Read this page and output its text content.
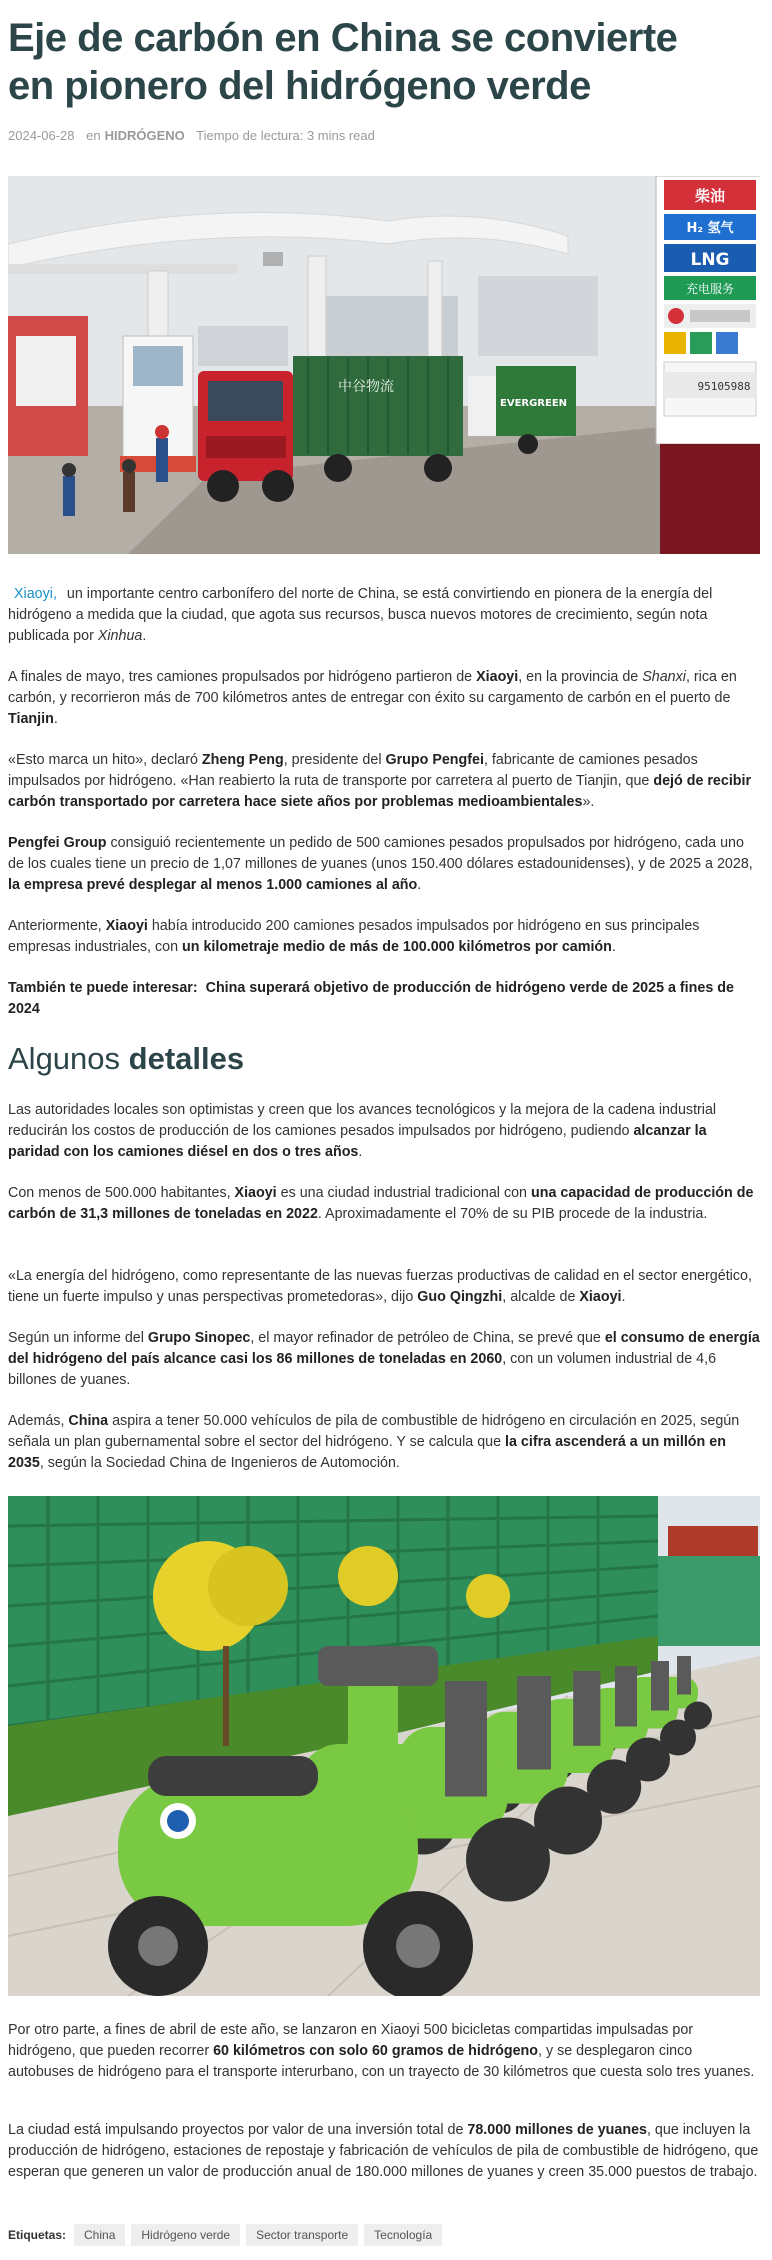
Eje de carbón en China se convierte en pionero del hidrógeno verde
2024-06-28 en HIDRÓGENO Tiempo de lectura: 3 mins read
中谷物流
EVERGREEN
柴油
H₂ 氢气
LNG
充电服务
95105988

Xiaoyi, un importante centro carbonífero del norte de China, se está convirtiendo en pionera de la energía del hidrógeno a medida que la ciudad, que agota sus recursos, busca nuevos motores de crecimiento, según nota publicada por Xinhua.

A finales de mayo, tres camiones propulsados por hidrógeno partieron de Xiaoyi, en la provincia de Shanxi, rica en carbón, y recorrieron más de 700 kilómetros antes de entregar con éxito su cargamento de carbón en el puerto de Tianjin.

«Esto marca un hito», declaró Zheng Peng, presidente del Grupo Pengfei, fabricante de camiones pesados impulsados por hidrógeno. «Han reabierto la ruta de transporte por carretera al puerto de Tianjin, que dejó de recibir carbón transportado por carretera hace siete años por problemas medioambientales».

Pengfei Group consiguió recientemente un pedido de 500 camiones pesados propulsados por hidrógeno, cada uno de los cuales tiene un precio de 1,07 millones de yuanes (unos 150.400 dólares estadounidenses), y de 2025 a 2028, la empresa prevé desplegar al menos 1.000 camiones al año.

Anteriormente, Xiaoyi había introducido 200 camiones pesados impulsados por hidrógeno en sus principales empresas industriales, con un kilometraje medio de más de 100.000 kilómetros por camión.

También te puede interesar: China superará objetivo de producción de hidrógeno verde de 2025 a fines de 2024

Algunos detalles

Las autoridades locales son optimistas y creen que los avances tecnológicos y la mejora de la cadena industrial reducirán los costos de producción de los camiones pesados impulsados por hidrógeno, pudiendo alcanzar la paridad con los camiones diésel en dos o tres años.

Con menos de 500.000 habitantes, Xiaoyi es una ciudad industrial tradicional con una capacidad de producción de carbón de 31,3 millones de toneladas en 2022. Aproximadamente el 70% de su PIB procede de la industria.

«La energía del hidrógeno, como representante de las nuevas fuerzas productivas de calidad en el sector energético, tiene un fuerte impulso y unas perspectivas prometedoras», dijo Guo Qingzhi, alcalde de Xiaoyi.

Según un informe del Grupo Sinopec, el mayor refinador de petróleo de China, se prevé que el consumo de energía del hidrógeno del país alcance casi los 86 millones de toneladas en 2060, con un volumen industrial de 4,6 billones de yuanes.

Además, China aspira a tener 50.000 vehículos de pila de combustible de hidrógeno en circulación en 2025, según señala un plan gubernamental sobre el sector del hidrógeno. Y se calcula que la cifra ascenderá a un millón en 2035, según la Sociedad China de Ingenieros de Automoción.

Por otro parte, a fines de abril de este año, se lanzaron en Xiaoyi 500 bicicletas compartidas impulsadas por hidrógeno, que pueden recorrer 60 kilómetros con solo 60 gramos de hidrógeno, y se desplegaron cinco autobuses de hidrógeno para el transporte interurbano, con un trayecto de 30 kilómetros que cuesta solo tres yuanes.

La ciudad está impulsando proyectos por valor de una inversión total de 78.000 millones de yuanes, que incluyen la producción de hidrógeno, estaciones de repostaje y fabricación de vehículos de pila de combustible de hidrógeno, que esperan que generen un valor de producción anual de 180.000 millones de yuanes y creen 35.000 puestos de trabajo.

Etiquetas:	China	Hidrógeno verde	Sector transporte	Tecnología
